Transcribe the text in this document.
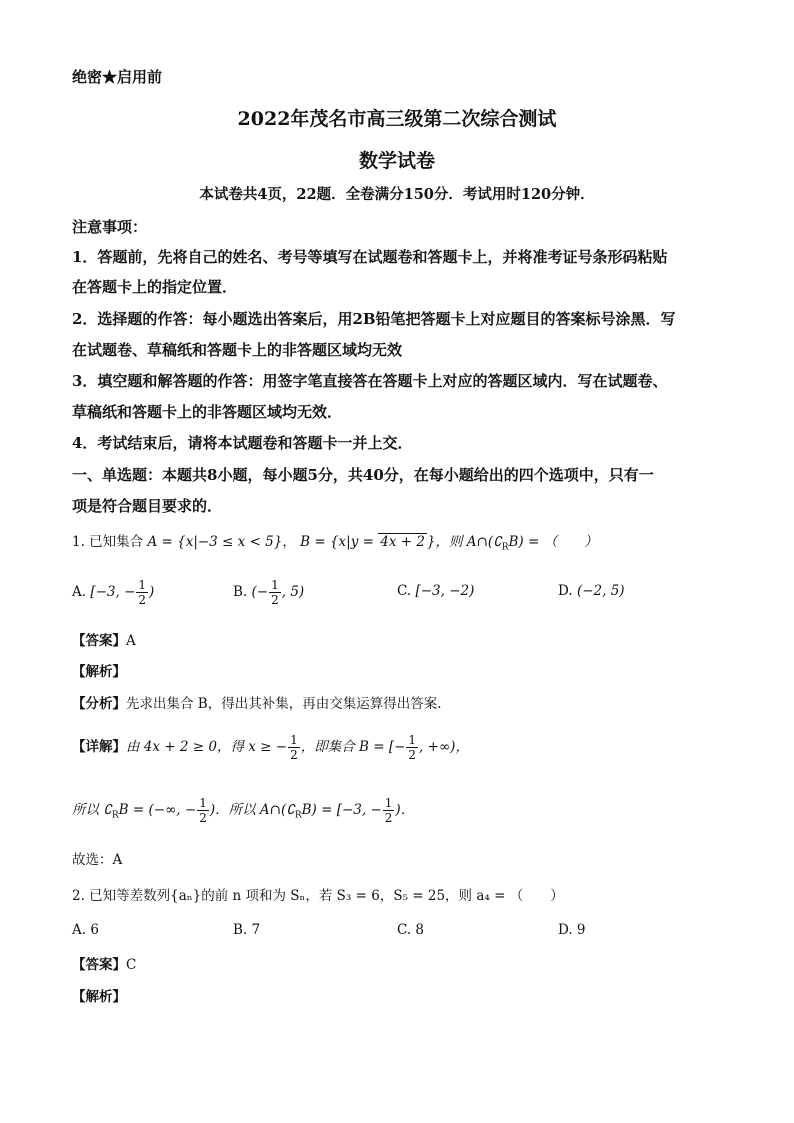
绝密★启用前
2022年茂名市高三级第二次综合测试
数学试卷
本试卷共4页，22题．全卷满分150分．考试用时120分钟．
注意事项：
1．答题前，先将自己的姓名、考号等填写在试题卷和答题卡上，并将准考证号条形码粘贴
在答题卡上的指定位置．
2．选择题的作答：每小题选出答案后，用2B铅笔把答题卡上对应题目的答案标号涂黑．写
在试题卷、草稿纸和答题卡上的非答题区域均无效
3．填空题和解答题的作答：用签字笔直接答在答题卡上对应的答题区域内．写在试题卷、
草稿纸和答题卡上的非答题区域均无效．
4．考试结束后，请将本试题卷和答题卡一并上交．
一、单选题：本题共8小题，每小题5分，共40分，在每小题给出的四个选项中，只有一
项是符合题目要求的．
1. 已知集合 A = {x|−3 ≤ x < 5}， B = {x|y = 4x + 2 }，则 $A\cap(∁_RB)$ = （　　）
A. [−3, − $\frac{1}{2}$ )	B. (− $\frac{1}{2}$ , 5)	C. [−3, −2)	D. (−2, 5)
【答案】A
【解析】
【分析】先求出集合 B，得出其补集，再由交集运算得出答案.
【详解】由 4x + 2 ≥ 0，得 x ≥ − $\frac{1}{2}$ ，即集合 B = [− $\frac{1}{2}$ , +∞)，
所以 $∁_RB$ = (−∞, − $\frac{1}{2}$ )．所以 $A\cap(∁_RB) = [-3$, − $\frac{1}{2}$ )．
故选：A
2. 已知等差数列{aₙ}的前 n 项和为 Sₙ，若 S₃ = 6，S₅ = 25，则 a₄ = （　　）
A. 6	B. 7	C. 8	D. 9
【答案】C
【解析】
